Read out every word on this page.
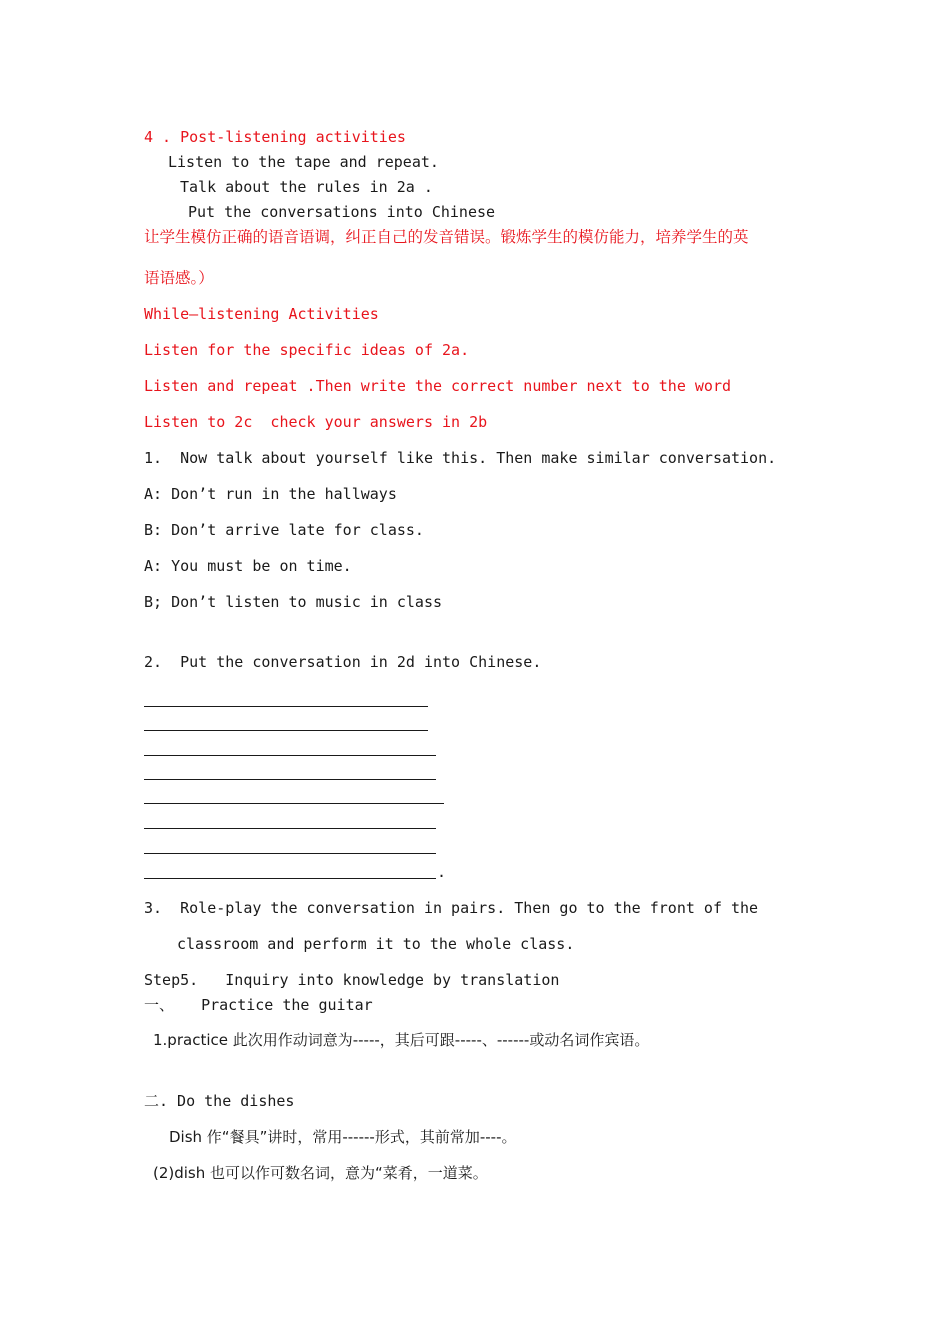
4 . Post-listening activities
Listen to the tape and repeat.
Talk about the rules in 2a .
Put the conversations into Chinese
让学生模仿正确的语音语调，纠正自己的发音错误。锻炼学生的模仿能力，培养学生的英
语语感。）
While—listening Activities
Listen for the specific ideas of 2a.
Listen and repeat .Then write the correct number next to the word
Listen to 2c  check your answers in 2b
1.  Now talk about yourself like this. Then make similar conversation.
A: Don’t run in the hallways
B: Don’t arrive late for class.
A: You must be on time.
B; Don’t listen to music in class
2.  Put the conversation in 2d into Chinese.
.
3.  Role-play the conversation in pairs. Then go to the front of the
classroom and perform it to the whole class.
Step5.   Inquiry into knowledge by translation
一、   Practice the guitar
1.practice 此次用作动词意为-----，其后可跟-----、------或动名词作宾语。
二. Do the dishes
Dish 作“餐具”讲时，常用------形式，其前常加----。
(2)dish 也可以作可数名词，意为“菜肴，一道菜。
